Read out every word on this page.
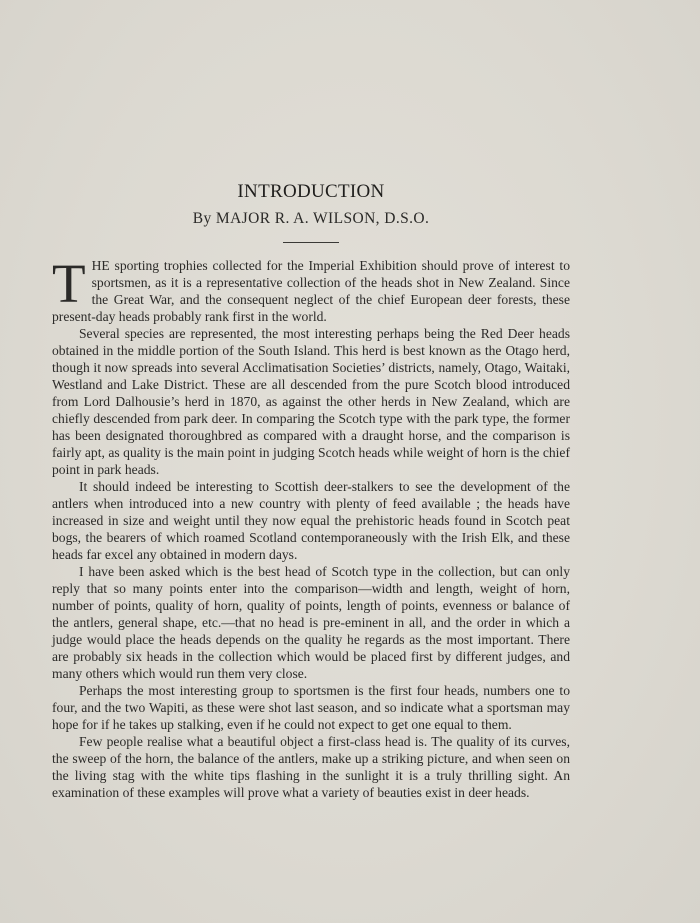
INTRODUCTION

By MAJOR R. A. WILSON, D.S.O.

THE sporting trophies collected for the Imperial Exhibition should prove of interest to sportsmen, as it is a representative collection of the heads shot in New Zealand. Since the Great War, and the consequent neglect of the chief European deer forests, these present-day heads probably rank first in the world.

Several species are represented, the most interesting perhaps being the Red Deer heads obtained in the middle portion of the South Island. This herd is best known as the Otago herd, though it now spreads into several Acclimatisation Societies’ districts, namely, Otago, Waitaki, Westland and Lake District. These are all descended from the pure Scotch blood introduced from Lord Dalhousie’s herd in 1870, as against the other herds in New Zealand, which are chiefly descended from park deer. In comparing the Scotch type with the park type, the former has been designated thoroughbred as compared with a draught horse, and the comparison is fairly apt, as quality is the main point in judging Scotch heads while weight of horn is the chief point in park heads.

It should indeed be interesting to Scottish deer-stalkers to see the development of the antlers when introduced into a new country with plenty of feed available ; the heads have increased in size and weight until they now equal the prehistoric heads found in Scotch peat bogs, the bearers of which roamed Scotland contemporaneously with the Irish Elk, and these heads far excel any obtained in modern days.

I have been asked which is the best head of Scotch type in the collection, but can only reply that so many points enter into the comparison—width and length, weight of horn, number of points, quality of horn, quality of points, length of points, evenness or balance of the antlers, general shape, etc.—that no head is pre-eminent in all, and the order in which a judge would place the heads depends on the quality he regards as the most important. There are probably six heads in the collection which would be placed first by different judges, and many others which would run them very close.

Perhaps the most interesting group to sportsmen is the first four heads, numbers one to four, and the two Wapiti, as these were shot last season, and so indicate what a sportsman may hope for if he takes up stalking, even if he could not expect to get one equal to them.

Few people realise what a beautiful object a first-class head is. The quality of its curves, the sweep of the horn, the balance of the antlers, make up a striking picture, and when seen on the living stag with the white tips flashing in the sunlight it is a truly thrilling sight. An examination of these examples will prove what a variety of beauties exist in deer heads.
